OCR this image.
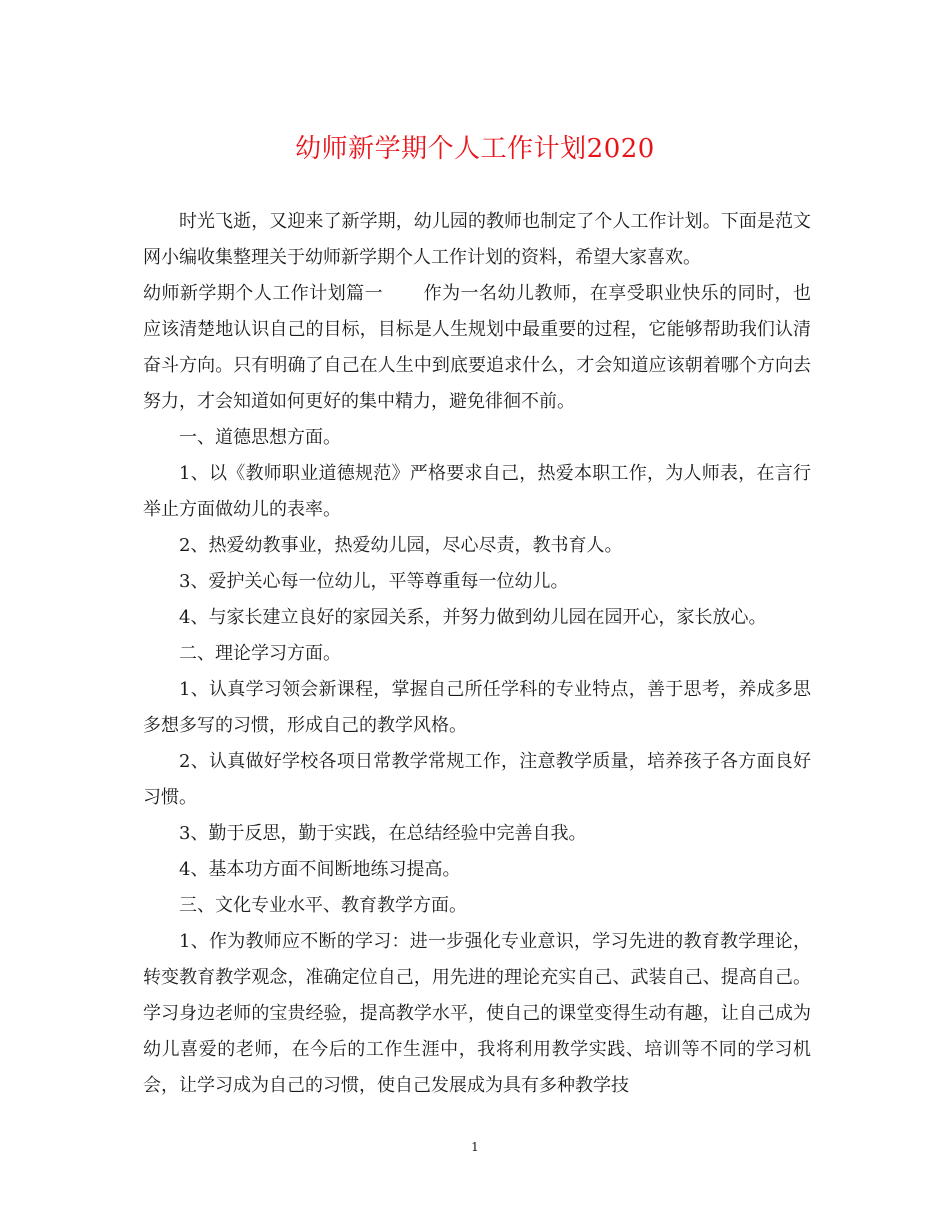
幼师新学期个人工作计划2020

时光飞逝，又迎来了新学期，幼儿园的教师也制定了个人工作计划。下面是范文网小编收集整理关于幼师新学期个人工作计划的资料，希望大家喜欢。

幼师新学期个人工作计划篇一 作为一名幼儿教师，在享受职业快乐的同时，也应该清楚地认识自己的目标，目标是人生规划中最重要的过程，它能够帮助我们认清奋斗方向。只有明确了自己在人生中到底要追求什么，才会知道应该朝着哪个方向去努力，才会知道如何更好的集中精力，避免徘徊不前。

一、道德思想方面。

1、以《教师职业道德规范》严格要求自己，热爱本职工作，为人师表，在言行举止方面做幼儿的表率。

2、热爱幼教事业，热爱幼儿园，尽心尽责，教书育人。

3、爱护关心每一位幼儿，平等尊重每一位幼儿。

4、与家长建立良好的家园关系，并努力做到幼儿园在园开心，家长放心。

二、理论学习方面。

1、认真学习领会新课程，掌握自己所任学科的专业特点，善于思考，养成多思多想多写的习惯，形成自己的教学风格。

2、认真做好学校各项日常教学常规工作，注意教学质量，培养孩子各方面良好习惯。

3、勤于反思，勤于实践，在总结经验中完善自我。

4、基本功方面不间断地练习提高。

三、文化专业水平、教育教学方面。

1、作为教师应不断的学习：进一步强化专业意识，学习先进的教育教学理论，转变教育教学观念，准确定位自己，用先进的理论充实自己、武装自己、提高自己。学习身边老师的宝贵经验，提高教学水平，使自己的课堂变得生动有趣，让自己成为幼儿喜爱的老师，在今后的工作生涯中，我将利用教学实践、培训等不同的学习机会，让学习成为自己的习惯，使自己发展成为具有多种教学技

1
